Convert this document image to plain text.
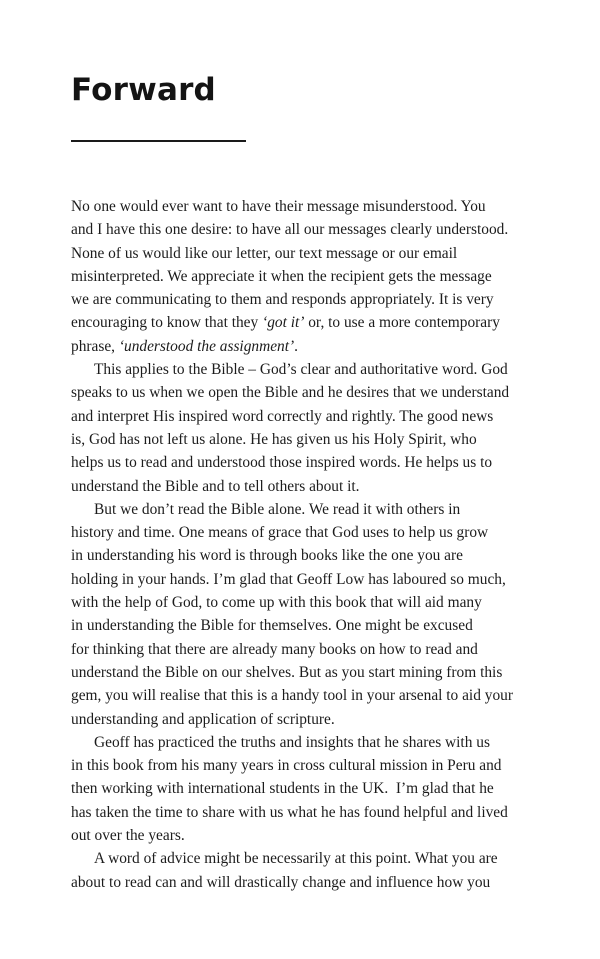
Forward

No one would ever want to have their message misunderstood. You
and I have this one desire: to have all our messages clearly understood.
None of us would like our letter, our text message or our email
misinterpreted. We appreciate it when the recipient gets the message
we are communicating to them and responds appropriately. It is very
encouraging to know that they ‘got it’ or, to use a more contemporary
phrase, ‘understood the assignment’.

This applies to the Bible – God’s clear and authoritative word. God
speaks to us when we open the Bible and he desires that we understand
and interpret His inspired word correctly and rightly. The good news
is, God has not left us alone. He has given us his Holy Spirit, who
helps us to read and understood those inspired words. He helps us to
understand the Bible and to tell others about it.

But we don’t read the Bible alone. We read it with others in
history and time. One means of grace that God uses to help us grow
in understanding his word is through books like the one you are
holding in your hands. I’m glad that Geoff Low has laboured so much,
with the help of God, to come up with this book that will aid many
in understanding the Bible for themselves. One might be excused
for thinking that there are already many books on how to read and
understand the Bible on our shelves. But as you start mining from this
gem, you will realise that this is a handy tool in your arsenal to aid your
understanding and application of scripture.

Geoff has practiced the truths and insights that he shares with us
in this book from his many years in cross cultural mission in Peru and
then working with international students in the UK.  I’m glad that he
has taken the time to share with us what he has found helpful and lived
out over the years.

A word of advice might be necessarily at this point. What you are
about to read can and will drastically change and influence how you
